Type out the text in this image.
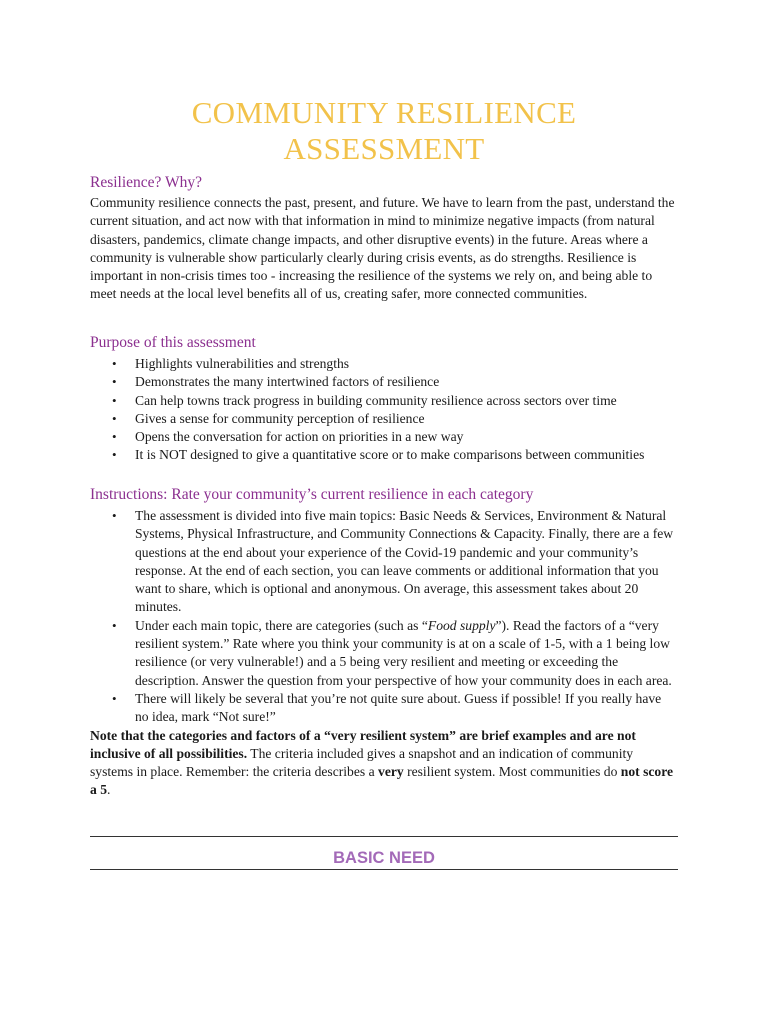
COMMUNITY RESILIENCE
ASSESSMENT

Resilience? Why?

Community resilience connects the past, present, and future. We have to learn from the past, understand the current situation, and act now with that information in mind to minimize negative impacts (from natural disasters, pandemics, climate change impacts, and other disruptive events) in the future. Areas where a community is vulnerable show particularly clearly during crisis events, as do strengths. Resilience is important in non-crisis times too - increasing the resilience of the systems we rely on, and being able to meet needs at the local level benefits all of us, creating safer, more connected communities.

Purpose of this assessment

• Highlights vulnerabilities and strengths
• Demonstrates the many intertwined factors of resilience
• Can help towns track progress in building community resilience across sectors over time
• Gives a sense for community perception of resilience
• Opens the conversation for action on priorities in a new way
• It is NOT designed to give a quantitative score or to make comparisons between communities

Instructions: Rate your community’s current resilience in each category

• The assessment is divided into five main topics: Basic Needs & Services, Environment & Natural Systems, Physical Infrastructure, and Community Connections & Capacity. Finally, there are a few questions at the end about your experience of the Covid-19 pandemic and your community’s response. At the end of each section, you can leave comments or additional information that you want to share, which is optional and anonymous. On average, this assessment takes about 20 minutes.
• Under each main topic, there are categories (such as “Food supply”). Read the factors of a “very resilient system.” Rate where you think your community is at on a scale of 1-5, with a 1 being low resilience (or very vulnerable!) and a 5 being very resilient and meeting or exceeding the description. Answer the question from your perspective of how your community does in each area.
• There will likely be several that you’re not quite sure about. Guess if possible! If you really have no idea, mark “Not sure!”

Note that the categories and factors of a “very resilient system” are brief examples and are not inclusive of all possibilities. The criteria included gives a snapshot and an indication of community systems in place. Remember: the criteria describes a very resilient system. Most communities do not score a 5.

BASIC NEED
